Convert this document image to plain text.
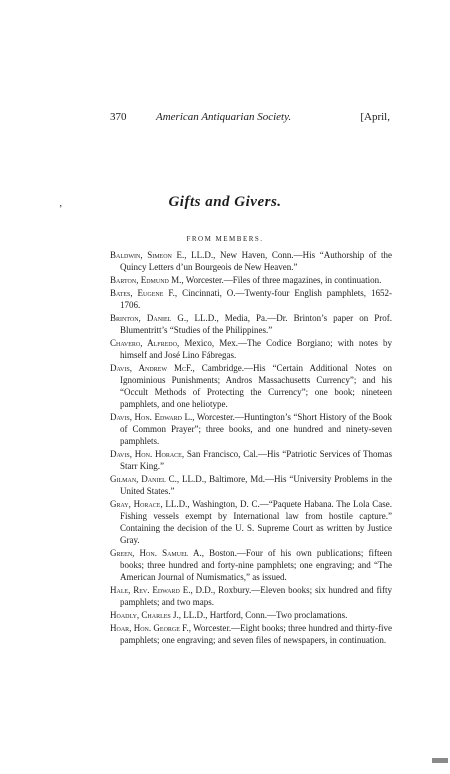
370	American Antiquarian Society.	[April,
‚	Gifts and Givers.
FROM MEMBERS.
Baldwin, Simeon E., LL.D., New Haven, Conn.—His “Authorship of the Quincy Letters d’un Bourgeois de New Heaven.”
Barton, Edmund M., Worcester.—Files of three magazines, in continuation.
Bates, Eugene F., Cincinnati, O.—Twenty-four English pamphlets, 1652-1706.
Brinton, Daniel G., LL.D., Media, Pa.—Dr. Brinton’s paper on Prof. Blumentritt’s “Studies of the Philippines.”
Chavero, Alfredo, Mexico, Mex.—The Codice Borgiano; with notes by himself and José Lino Fábregas.
Davis, Andrew McF., Cambridge.—His “Certain Additional Notes on Ignominious Punishments; Andros Massachusetts Currency”; and his “Occult Methods of Protecting the Currency”; one book; nineteen pamphlets, and one heliotype.
Davis, Hon. Edward L., Worcester.—Huntington’s “Short History of the Book of Common Prayer”; three books, and one hundred and ninety-seven pamphlets.
Davis, Hon. Horace, San Francisco, Cal.—His “Patriotic Services of Thomas Starr King.”
Gilman, Daniel C., LL.D., Baltimore, Md.—His “University Problems in the United States.”
Gray, Horace, LL.D., Washington, D. C.—“Paquete Habana. The Lola Case. Fishing vessels exempt by International law from hostile capture.” Containing the decision of the U. S. Supreme Court as written by Justice Gray.
Green, Hon. Samuel A., Boston.—Four of his own publications; fifteen books; three hundred and forty-nine pamphlets; one engraving; and “The American Journal of Numismatics,” as issued.
Hale, Rev. Edward E., D.D., Roxbury.—Eleven books; six hundred and fifty pamphlets; and two maps.
Hoadly, Charles J., LL.D., Hartford, Conn.—Two proclamations.
Hoar, Hon. George F., Worcester.—Eight books; three hundred and thirty-five pamphlets; one engraving; and seven files of newspapers, in continuation.
